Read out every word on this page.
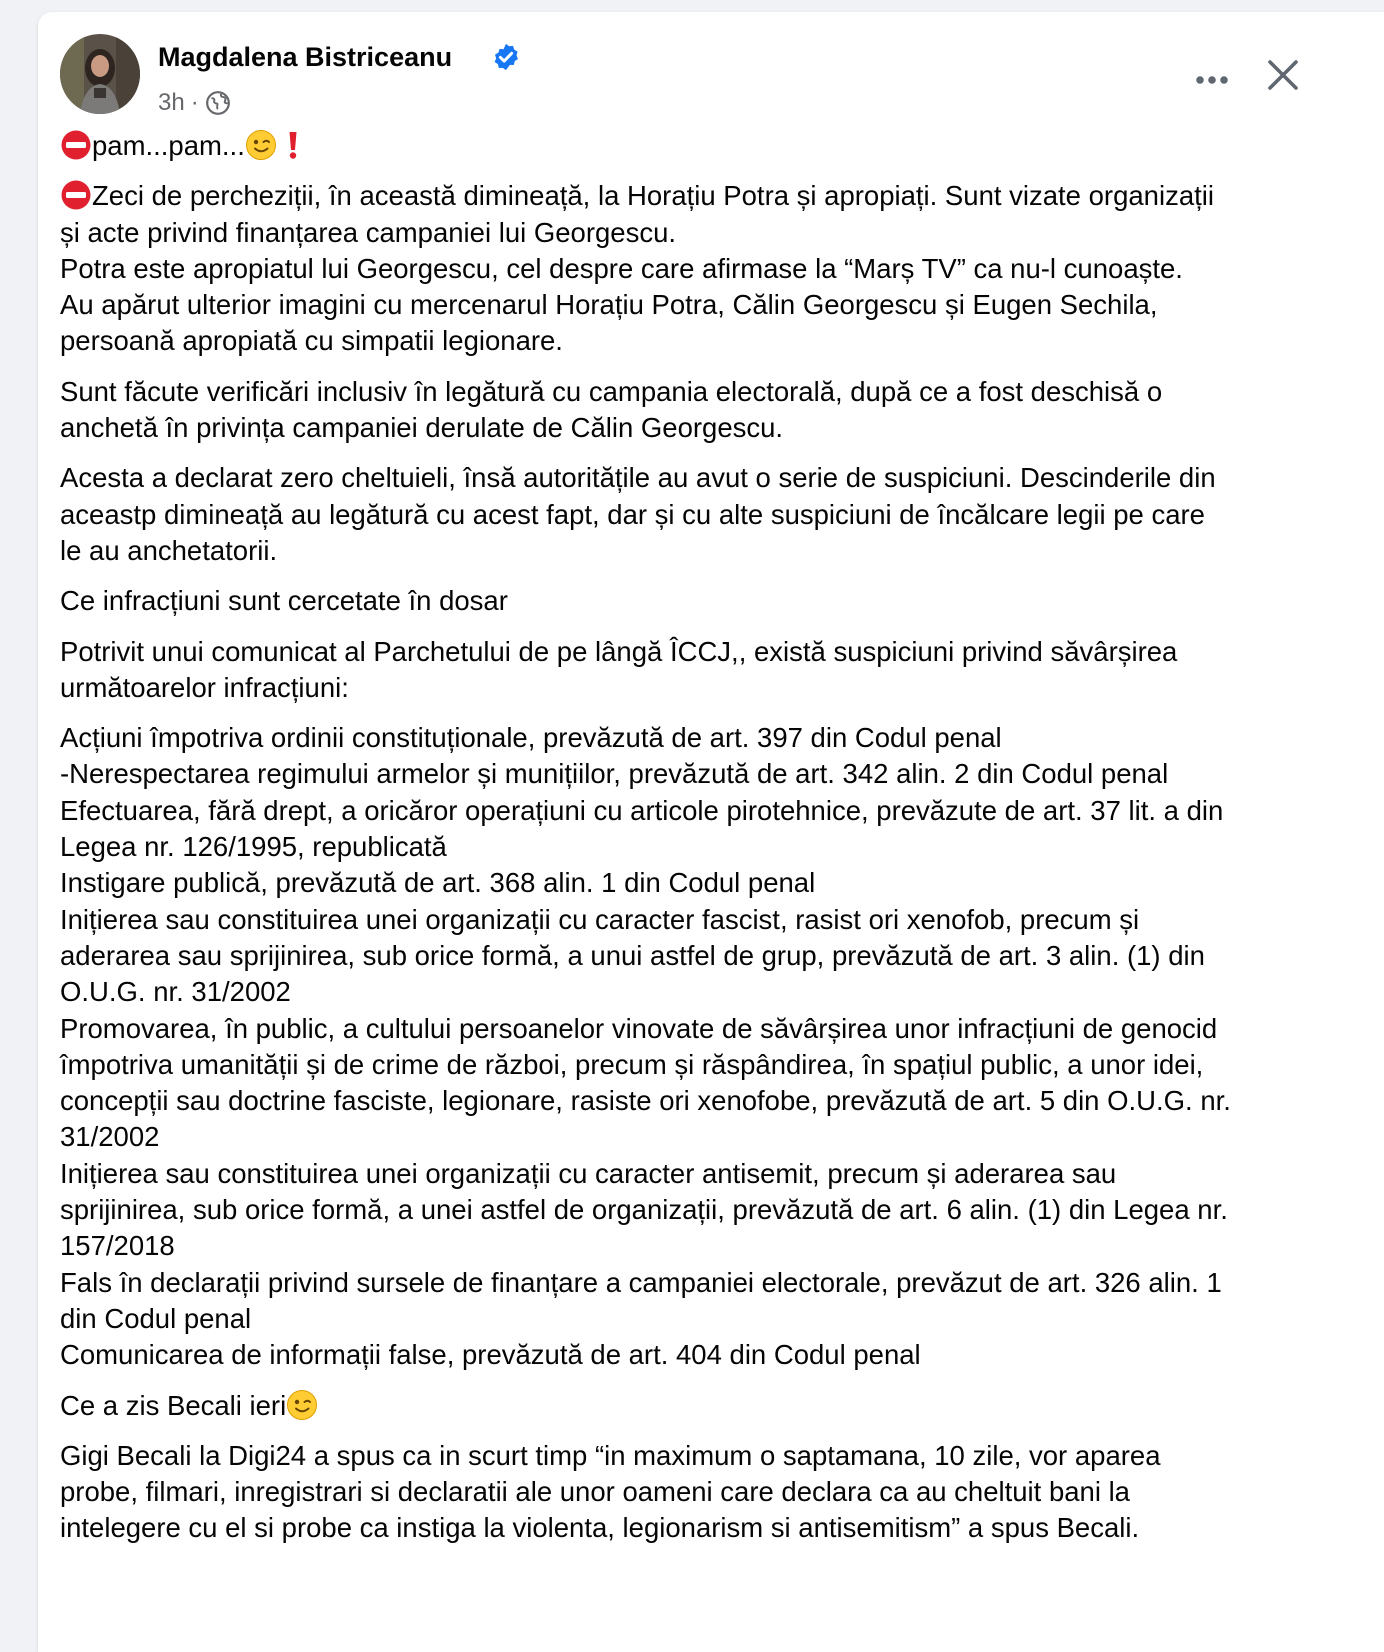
Magdalena Bistriceanu
3h ·

pam...pam...

Zeci de percheziții, în această dimineață, la Horațiu Potra și apropiați. Sunt vizate organizații
și acte privind finanțarea campaniei lui Georgescu.
Potra este apropiatul lui Georgescu, cel despre care afirmase la “Marș TV” ca nu-l cunoaște.
Au apărut ulterior imagini cu mercenarul Horațiu Potra, Călin Georgescu și Eugen Sechila,
persoană apropiată cu simpatii legionare.

Sunt făcute verificări inclusiv în legătură cu campania electorală, după ce a fost deschisă o
anchetă în privința campaniei derulate de Călin Georgescu.

Acesta a declarat zero cheltuieli, însă autoritățile au avut o serie de suspiciuni. Descinderile din
aceastp dimineață au legătură cu acest fapt, dar și cu alte suspiciuni de încălcare legii pe care
le au anchetatorii.

Ce infracțiuni sunt cercetate în dosar

Potrivit unui comunicat al Parchetului de pe lângă ÎCCJ,, există suspiciuni privind săvârșirea
următoarelor infracțiuni:

Acțiuni împotriva ordinii constituționale, prevăzută de art. 397 din Codul penal
-Nerespectarea regimului armelor și munițiilor, prevăzută de art. 342 alin. 2 din Codul penal
Efectuarea, fără drept, a oricăror operațiuni cu articole pirotehnice, prevăzute de art. 37 lit. a din
Legea nr. 126/1995, republicată
Instigare publică, prevăzută de art. 368 alin. 1 din Codul penal
Inițierea sau constituirea unei organizații cu caracter fascist, rasist ori xenofob, precum și
aderarea sau sprijinirea, sub orice formă, a unui astfel de grup, prevăzută de art. 3 alin. (1) din
O.U.G. nr. 31/2002
Promovarea, în public, a cultului persoanelor vinovate de săvârșirea unor infracțiuni de genocid
împotriva umanității și de crime de război, precum și răspândirea, în spațiul public, a unor idei,
concepții sau doctrine fasciste, legionare, rasiste ori xenofobe, prevăzută de art. 5 din O.U.G. nr.
31/2002
Inițierea sau constituirea unei organizații cu caracter antisemit, precum și aderarea sau
sprijinirea, sub orice formă, a unei astfel de organizații, prevăzută de art. 6 alin. (1) din Legea nr.
157/2018
Fals în declarații privind sursele de finanțare a campaniei electorale, prevăzut de art. 326 alin. 1
din Codul penal
Comunicarea de informații false, prevăzută de art. 404 din Codul penal

Ce a zis Becali ieri

Gigi Becali la Digi24 a spus ca in scurt timp “in maximum o saptamana, 10 zile, vor aparea
probe, filmari, inregistrari si declaratii ale unor oameni care declara ca au cheltuit bani la
intelegere cu el si probe ca instiga la violenta, legionarism si antisemitism” a spus Becali.
